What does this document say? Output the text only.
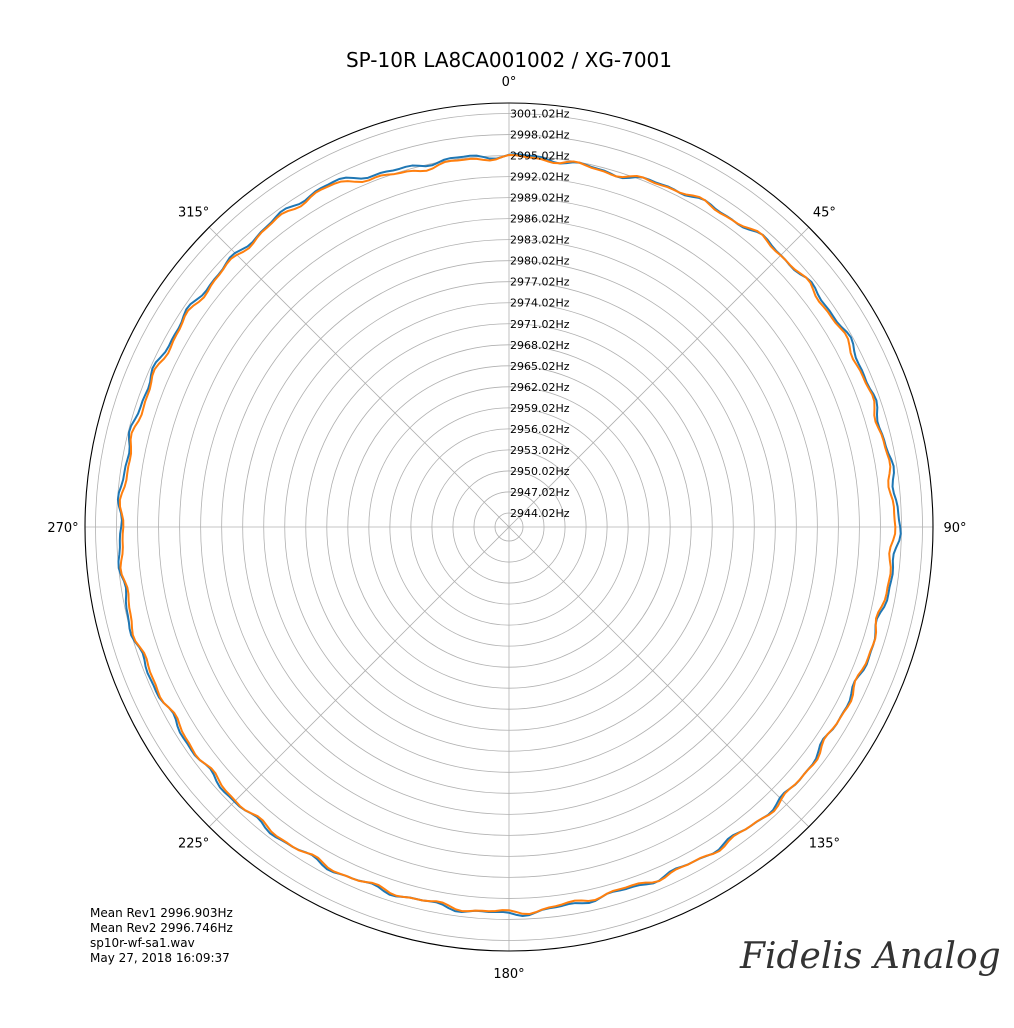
SP-10R LA8CA001002 / XG-7001
0°
45°
90°
135°
180°
225°
270°
315°
2944.02Hz
2947.02Hz
2950.02Hz
2953.02Hz
2956.02Hz
2959.02Hz
2962.02Hz
2965.02Hz
2968.02Hz
2971.02Hz
2974.02Hz
2977.02Hz
2980.02Hz
2983.02Hz
2986.02Hz
2989.02Hz
2992.02Hz
2995.02Hz
2998.02Hz
3001.02Hz
Mean Rev1 2996.903Hz
Mean Rev2 2996.746Hz
sp10r-wf-sa1.wav
May 27, 2018 16:09:37	Fidelis Analog
